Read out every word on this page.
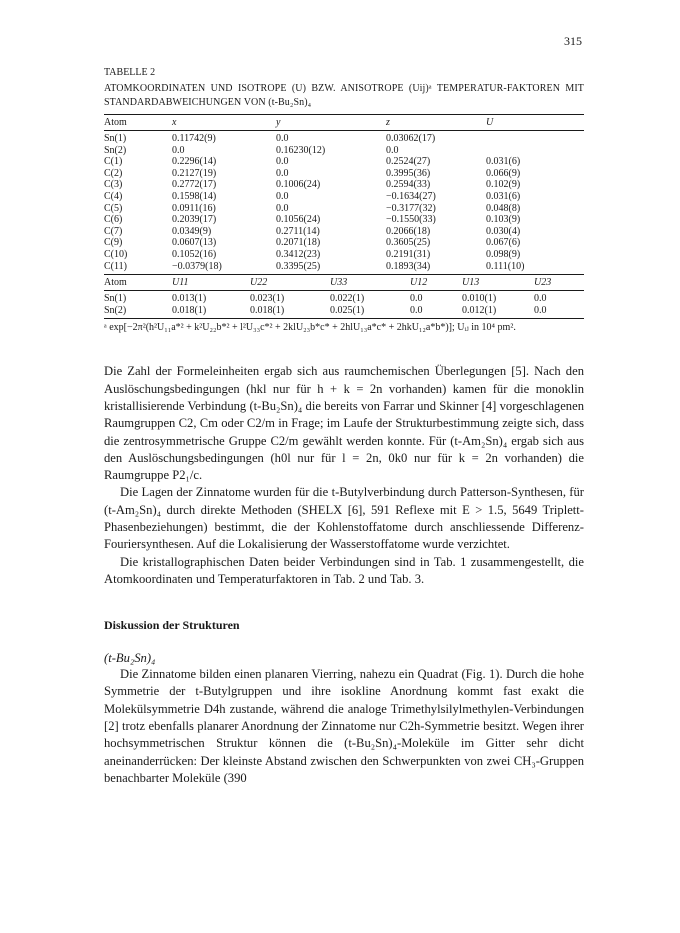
315
TABELLE 2
ATOMKOORDINATEN UND ISOTROPE (U) BZW. ANISOTROPE (Uij)ᵃ TEMPERATUR-FAKTOREN MIT STANDARDABWEICHUNGEN VON (t-Bu₂Sn)₄
Atom	x	y	z	U
Sn(1)	0.11742(9)	0.0	0.03062(17)	
Sn(2)	0.0	0.16230(12)	0.0	
C(1)	0.2296(14)	0.0	0.2524(27)	0.031(6)
C(2)	0.2127(19)	0.0	0.3995(36)	0.066(9)
C(3)	0.2772(17)	0.1006(24)	0.2594(33)	0.102(9)
C(4)	0.1598(14)	0.0	−0.1634(27)	0.031(6)
C(5)	0.0911(16)	0.0	−0.3177(32)	0.048(8)
C(6)	0.2039(17)	0.1056(24)	−0.1550(33)	0.103(9)
C(7)	0.0349(9)	0.2711(14)	0.2066(18)	0.030(4)
C(9)	0.0607(13)	0.2071(18)	0.3605(25)	0.067(6)
C(10)	0.1052(16)	0.3412(23)	0.2191(31)	0.098(9)
C(11)	−0.0379(18)	0.3395(25)	0.1893(34)	0.111(10)
Atom	U11	U22	U33	U12	U13	U23
Sn(1)	0.013(1)	0.023(1)	0.022(1)	0.0	0.010(1)	0.0
Sn(2)	0.018(1)	0.018(1)	0.025(1)	0.0	0.012(1)	0.0
ᵃ exp[−2π²(h²U₁₁a*² + k²U₂₂b*² + l²U₃₃c*² + 2klU₂₃b*c* + 2hlU₁₃a*c* + 2hkU₁₂a*b*)]; Uᵢⱼ in 10⁴ pm².

Die Zahl der Formeleinheiten ergab sich aus raumchemischen Überlegungen [5]. Nach den Auslöschungsbedingungen (hkl nur für h + k = 2n vorhanden) kamen für die monoklin kristallisierende Verbindung (t-Bu₂Sn)₄ die bereits von Farrar und Skinner [4] vorgeschlagenen Raumgruppen C2, Cm oder C2/m in Frage; im Laufe der Strukturbestimmung zeigte sich, dass die zentrosymmetrische Gruppe C2/m gewählt werden konnte. Für (t-Am₂Sn)₄ ergab sich aus den Auslöschungsbedingungen (h0l nur für l = 2n, 0k0 nur für k = 2n vorhanden) die Raumgruppe P2₁/c.

Die Lagen der Zinnatome wurden für die t-Butylverbindung durch Patterson-Synthesen, für (t-Am₂Sn)₄ durch direkte Methoden (SHELX [6], 591 Reflexe mit E > 1.5, 5649 Triplett-Phasenbeziehungen) bestimmt, die der Kohlenstoffatome durch anschliessende Differenz-Fouriersynthesen. Auf die Lokalisierung der Wasserstoffatome wurde verzichtet.

Die kristallographischen Daten beider Verbindungen sind in Tab. 1 zusammengestellt, die Atomkoordinaten und Temperaturfaktoren in Tab. 2 und Tab. 3.

Diskussion der Strukturen
(t-Bu₂Sn)₄

Die Zinnatome bilden einen planaren Vierring, nahezu ein Quadrat (Fig. 1). Durch die hohe Symmetrie der t-Butylgruppen und ihre isokline Anordnung kommt fast exakt die Molekülsymmetrie D4h zustande, während die analoge Trimethylsilylmethylen-Verbindungen [2] trotz ebenfalls planarer Anordnung der Zinnatome nur C2h-Symmetrie besitzt. Wegen ihrer hochsymmetrischen Struktur können die (t-Bu₂Sn)₄-Moleküle im Gitter sehr dicht aneinanderrücken: Der kleinste Abstand zwischen den Schwerpunkten von zwei CH₃-Gruppen benachbarter Moleküle (390
